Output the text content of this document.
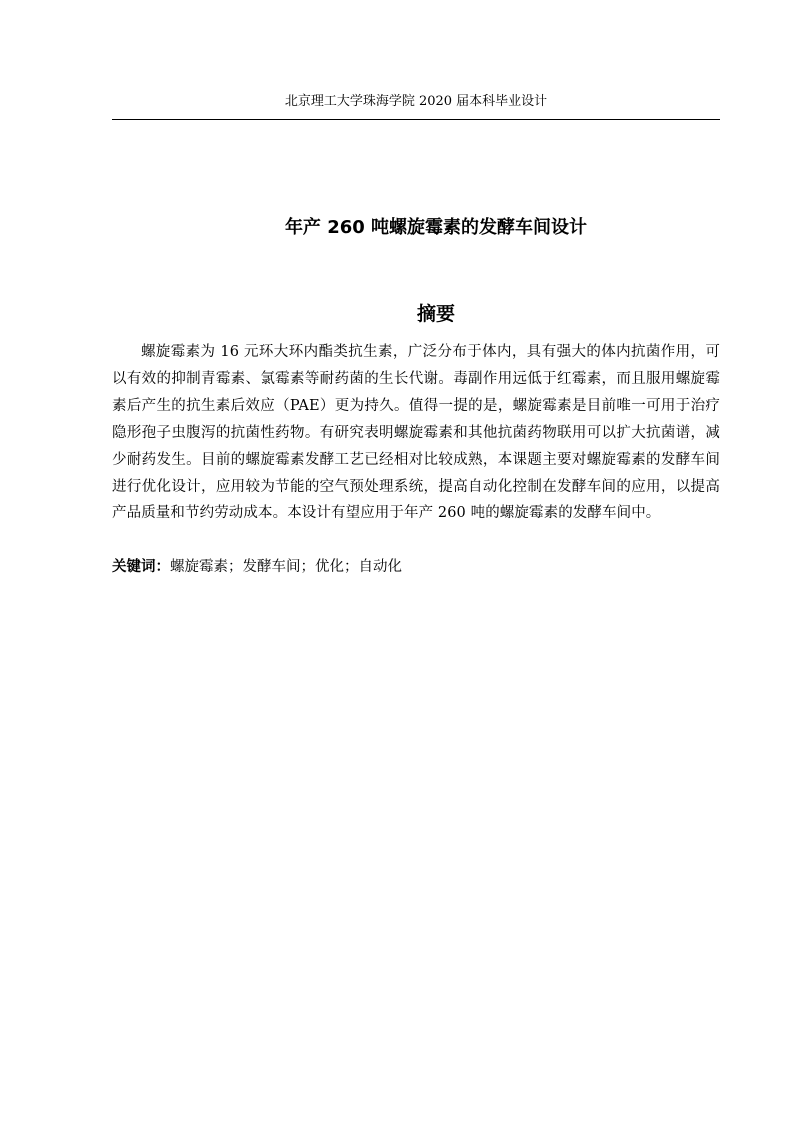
北京理工大学珠海学院 2020 届本科毕业设计
年产 260 吨螺旋霉素的发酵车间设计
摘要

螺旋霉素为 16 元环大环内酯类抗生素，广泛分布于体内，具有强大的体内抗菌作用，可以有效的抑制青霉素、氯霉素等耐药菌的生长代谢。毒副作用远低于红霉素，而且服用螺旋霉素后产生的抗生素后效应（PAE）更为持久。值得一提的是，螺旋霉素是目前唯一可用于治疗隐形孢子虫腹泻的抗菌性药物。有研究表明螺旋霉素和其他抗菌药物联用可以扩大抗菌谱，减少耐药发生。目前的螺旋霉素发酵工艺已经相对比较成熟，本课题主要对螺旋霉素的发酵车间进行优化设计，应用较为节能的空气预处理系统，提高自动化控制在发酵车间的应用，以提高产品质量和节约劳动成本。本设计有望应用于年产 260 吨的螺旋霉素的发酵车间中。

关键词：螺旋霉素；发酵车间；优化；自动化
